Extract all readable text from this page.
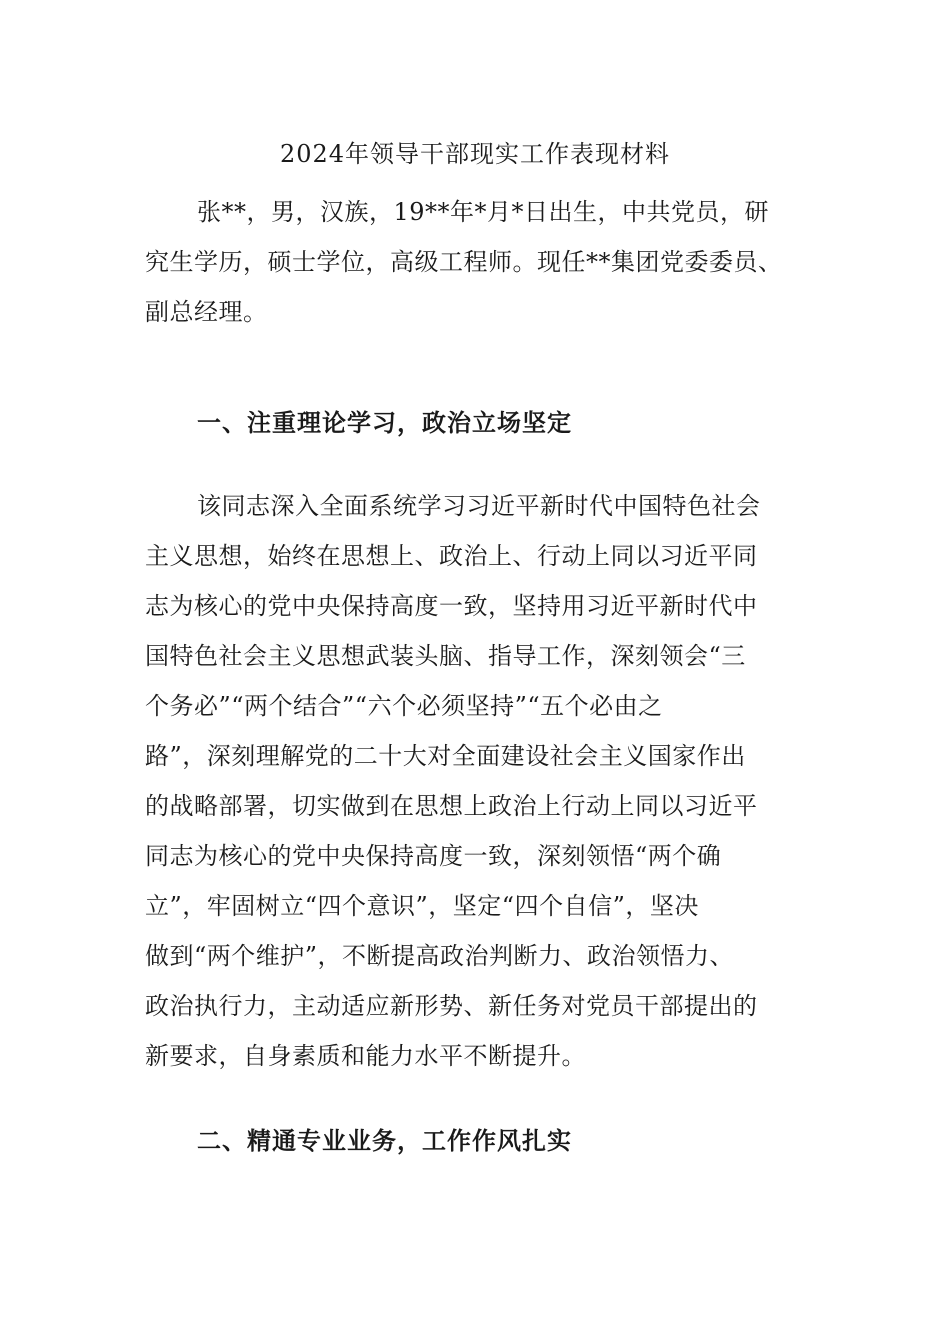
2024年领导干部现实工作表现材料
张**，男，汉族，19**年*月*日出生，中共党员，研
究生学历，硕士学位，高级工程师。现任**集团党委委员、
副总经理。
一、注重理论学习，政治立场坚定
该同志深入全面系统学习习近平新时代中国特色社会
主义思想，始终在思想上、政治上、行动上同以习近平同
志为核心的党中央保持高度一致，坚持用习近平新时代中
国特色社会主义思想武装头脑、指导工作，深刻领会“三
个务必”“两个结合”“六个必须坚持”“五个必由之
路”，深刻理解党的二十大对全面建设社会主义国家作出
的战略部署，切实做到在思想上政治上行动上同以习近平
同志为核心的党中央保持高度一致，深刻领悟“两个确
立”，牢固树立“四个意识”，坚定“四个自信”，坚决
做到“两个维护”，不断提高政治判断力、政治领悟力、
政治执行力，主动适应新形势、新任务对党员干部提出的
新要求，自身素质和能力水平不断提升。
二、精通专业业务，工作作风扎实
